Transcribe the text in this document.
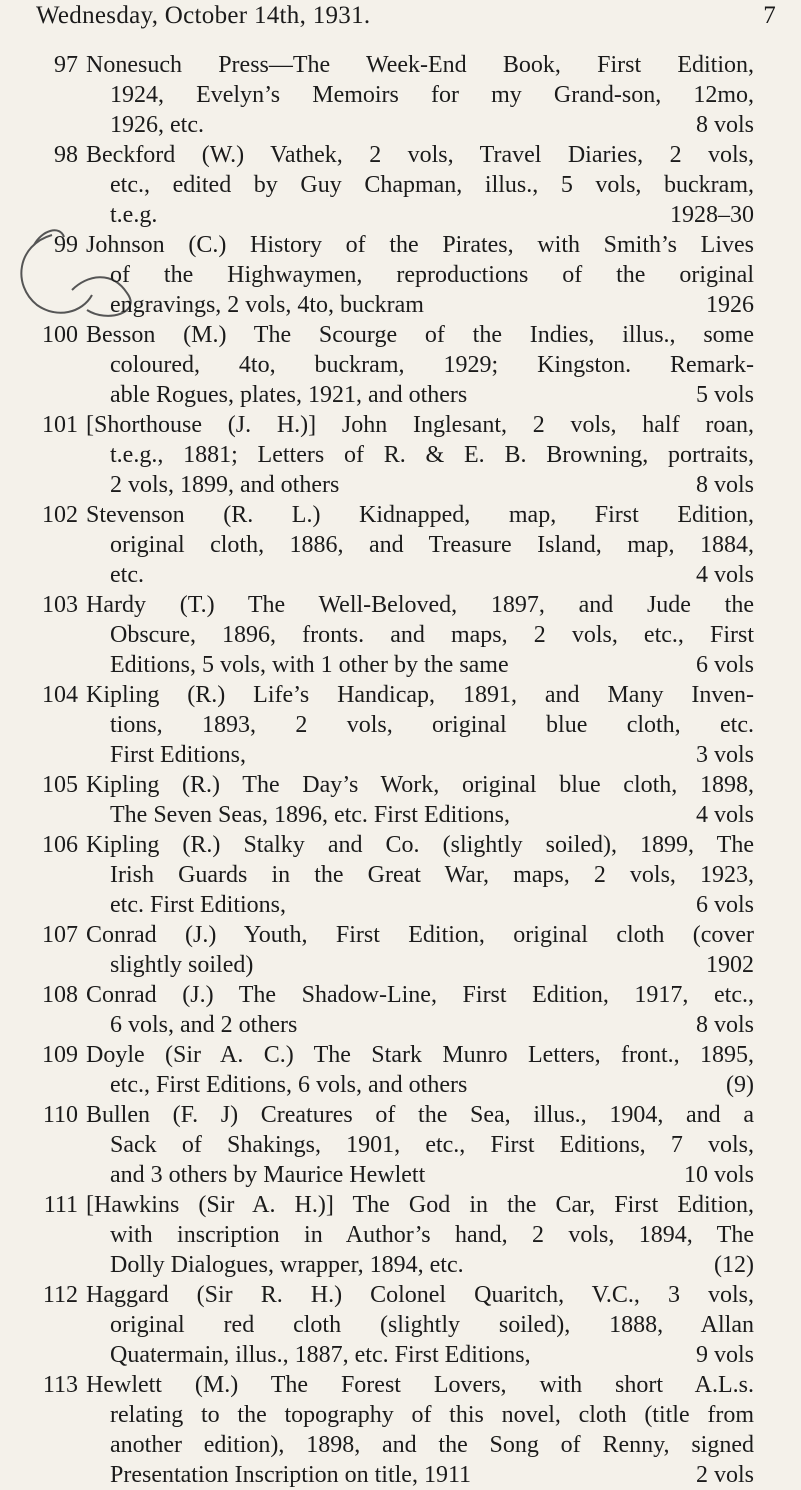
Wednesday, October 14th, 1931.	7
97 Nonesuch Press—The Week-End Book, First Edition,
1924, Evelyn’s Memoirs for my Grand-son, 12mo,
1926, etc.	8 vols
98 Beckford (W.) Vathek, 2 vols, Travel Diaries, 2 vols,
etc., edited by Guy Chapman, illus., 5 vols, buckram,
t.e.g.	1928–30
99 Johnson (C.) History of the Pirates, with Smith’s Lives
of the Highwaymen, reproductions of the original
engravings, 2 vols, 4to, buckram	1926
100 Besson (M.) The Scourge of the Indies, illus., some
coloured, 4to, buckram, 1929; Kingston. Remark-
able Rogues, plates, 1921, and others	5 vols
101 [Shorthouse (J. H.)] John Inglesant, 2 vols, half roan,
t.e.g., 1881; Letters of R. & E. B. Browning, portraits,
2 vols, 1899, and others	8 vols
102 Stevenson (R. L.) Kidnapped, map, First Edition,
original cloth, 1886, and Treasure Island, map, 1884,
etc.	4 vols
103 Hardy (T.) The Well-Beloved, 1897, and Jude the
Obscure, 1896, fronts. and maps, 2 vols, etc., First
Editions, 5 vols, with 1 other by the same	6 vols
104 Kipling (R.) Life’s Handicap, 1891, and Many Inven-
tions, 1893, 2 vols, original blue cloth, etc.
First Editions,	3 vols
105 Kipling (R.) The Day’s Work, original blue cloth, 1898,
The Seven Seas, 1896, etc. First Editions,	4 vols
106 Kipling (R.) Stalky and Co. (slightly soiled), 1899, The
Irish Guards in the Great War, maps, 2 vols, 1923,
etc. First Editions,	6 vols
107 Conrad (J.) Youth, First Edition, original cloth (cover
slightly soiled)	1902
108 Conrad (J.) The Shadow-Line, First Edition, 1917, etc.,
6 vols, and 2 others	8 vols
109 Doyle (Sir A. C.) The Stark Munro Letters, front., 1895,
etc., First Editions, 6 vols, and others	(9)
110 Bullen (F. J) Creatures of the Sea, illus., 1904, and a
Sack of Shakings, 1901, etc., First Editions, 7 vols,
and 3 others by Maurice Hewlett	10 vols
111 [Hawkins (Sir A. H.)] The God in the Car, First Edition,
with inscription in Author’s hand, 2 vols, 1894, The
Dolly Dialogues, wrapper, 1894, etc.	(12)
112 Haggard (Sir R. H.) Colonel Quaritch, V.C., 3 vols,
original red cloth (slightly soiled), 1888, Allan
Quatermain, illus., 1887, etc. First Editions,	9 vols
113 Hewlett (M.) The Forest Lovers, with short A.L.s.
relating to the topography of this novel, cloth (title from
another edition), 1898, and the Song of Renny, signed
Presentation Inscription on title, 1911	2 vols
